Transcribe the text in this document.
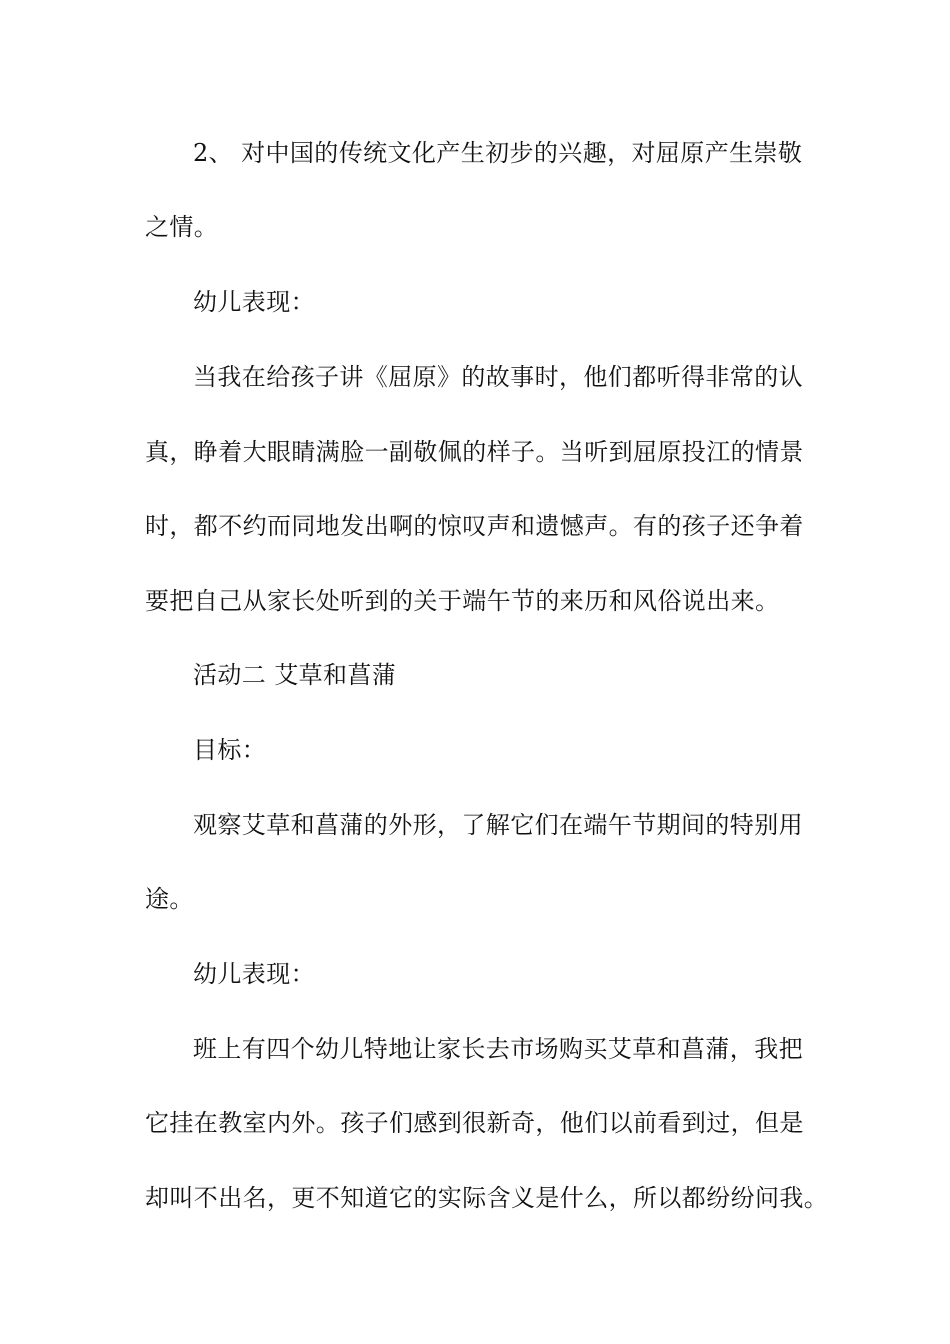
2、 对中国的传统文化产生初步的兴趣，对屈原产生崇敬
之情。
幼儿表现：
当我在给孩子讲《屈原》的故事时，他们都听得非常的认
真，睁着大眼睛满脸一副敬佩的样子。当听到屈原投江的情景
时，都不约而同地发出啊的惊叹声和遗憾声。有的孩子还争着
要把自己从家长处听到的关于端午节的来历和风俗说出来。
活动二 艾草和菖蒲
目标：
观察艾草和菖蒲的外形，了解它们在端午节期间的特别用
途。
幼儿表现：
班上有四个幼儿特地让家长去市场购买艾草和菖蒲，我把
它挂在教室内外。孩子们感到很新奇，他们以前看到过，但是
却叫不出名，更不知道它的实际含义是什么，所以都纷纷问我。
